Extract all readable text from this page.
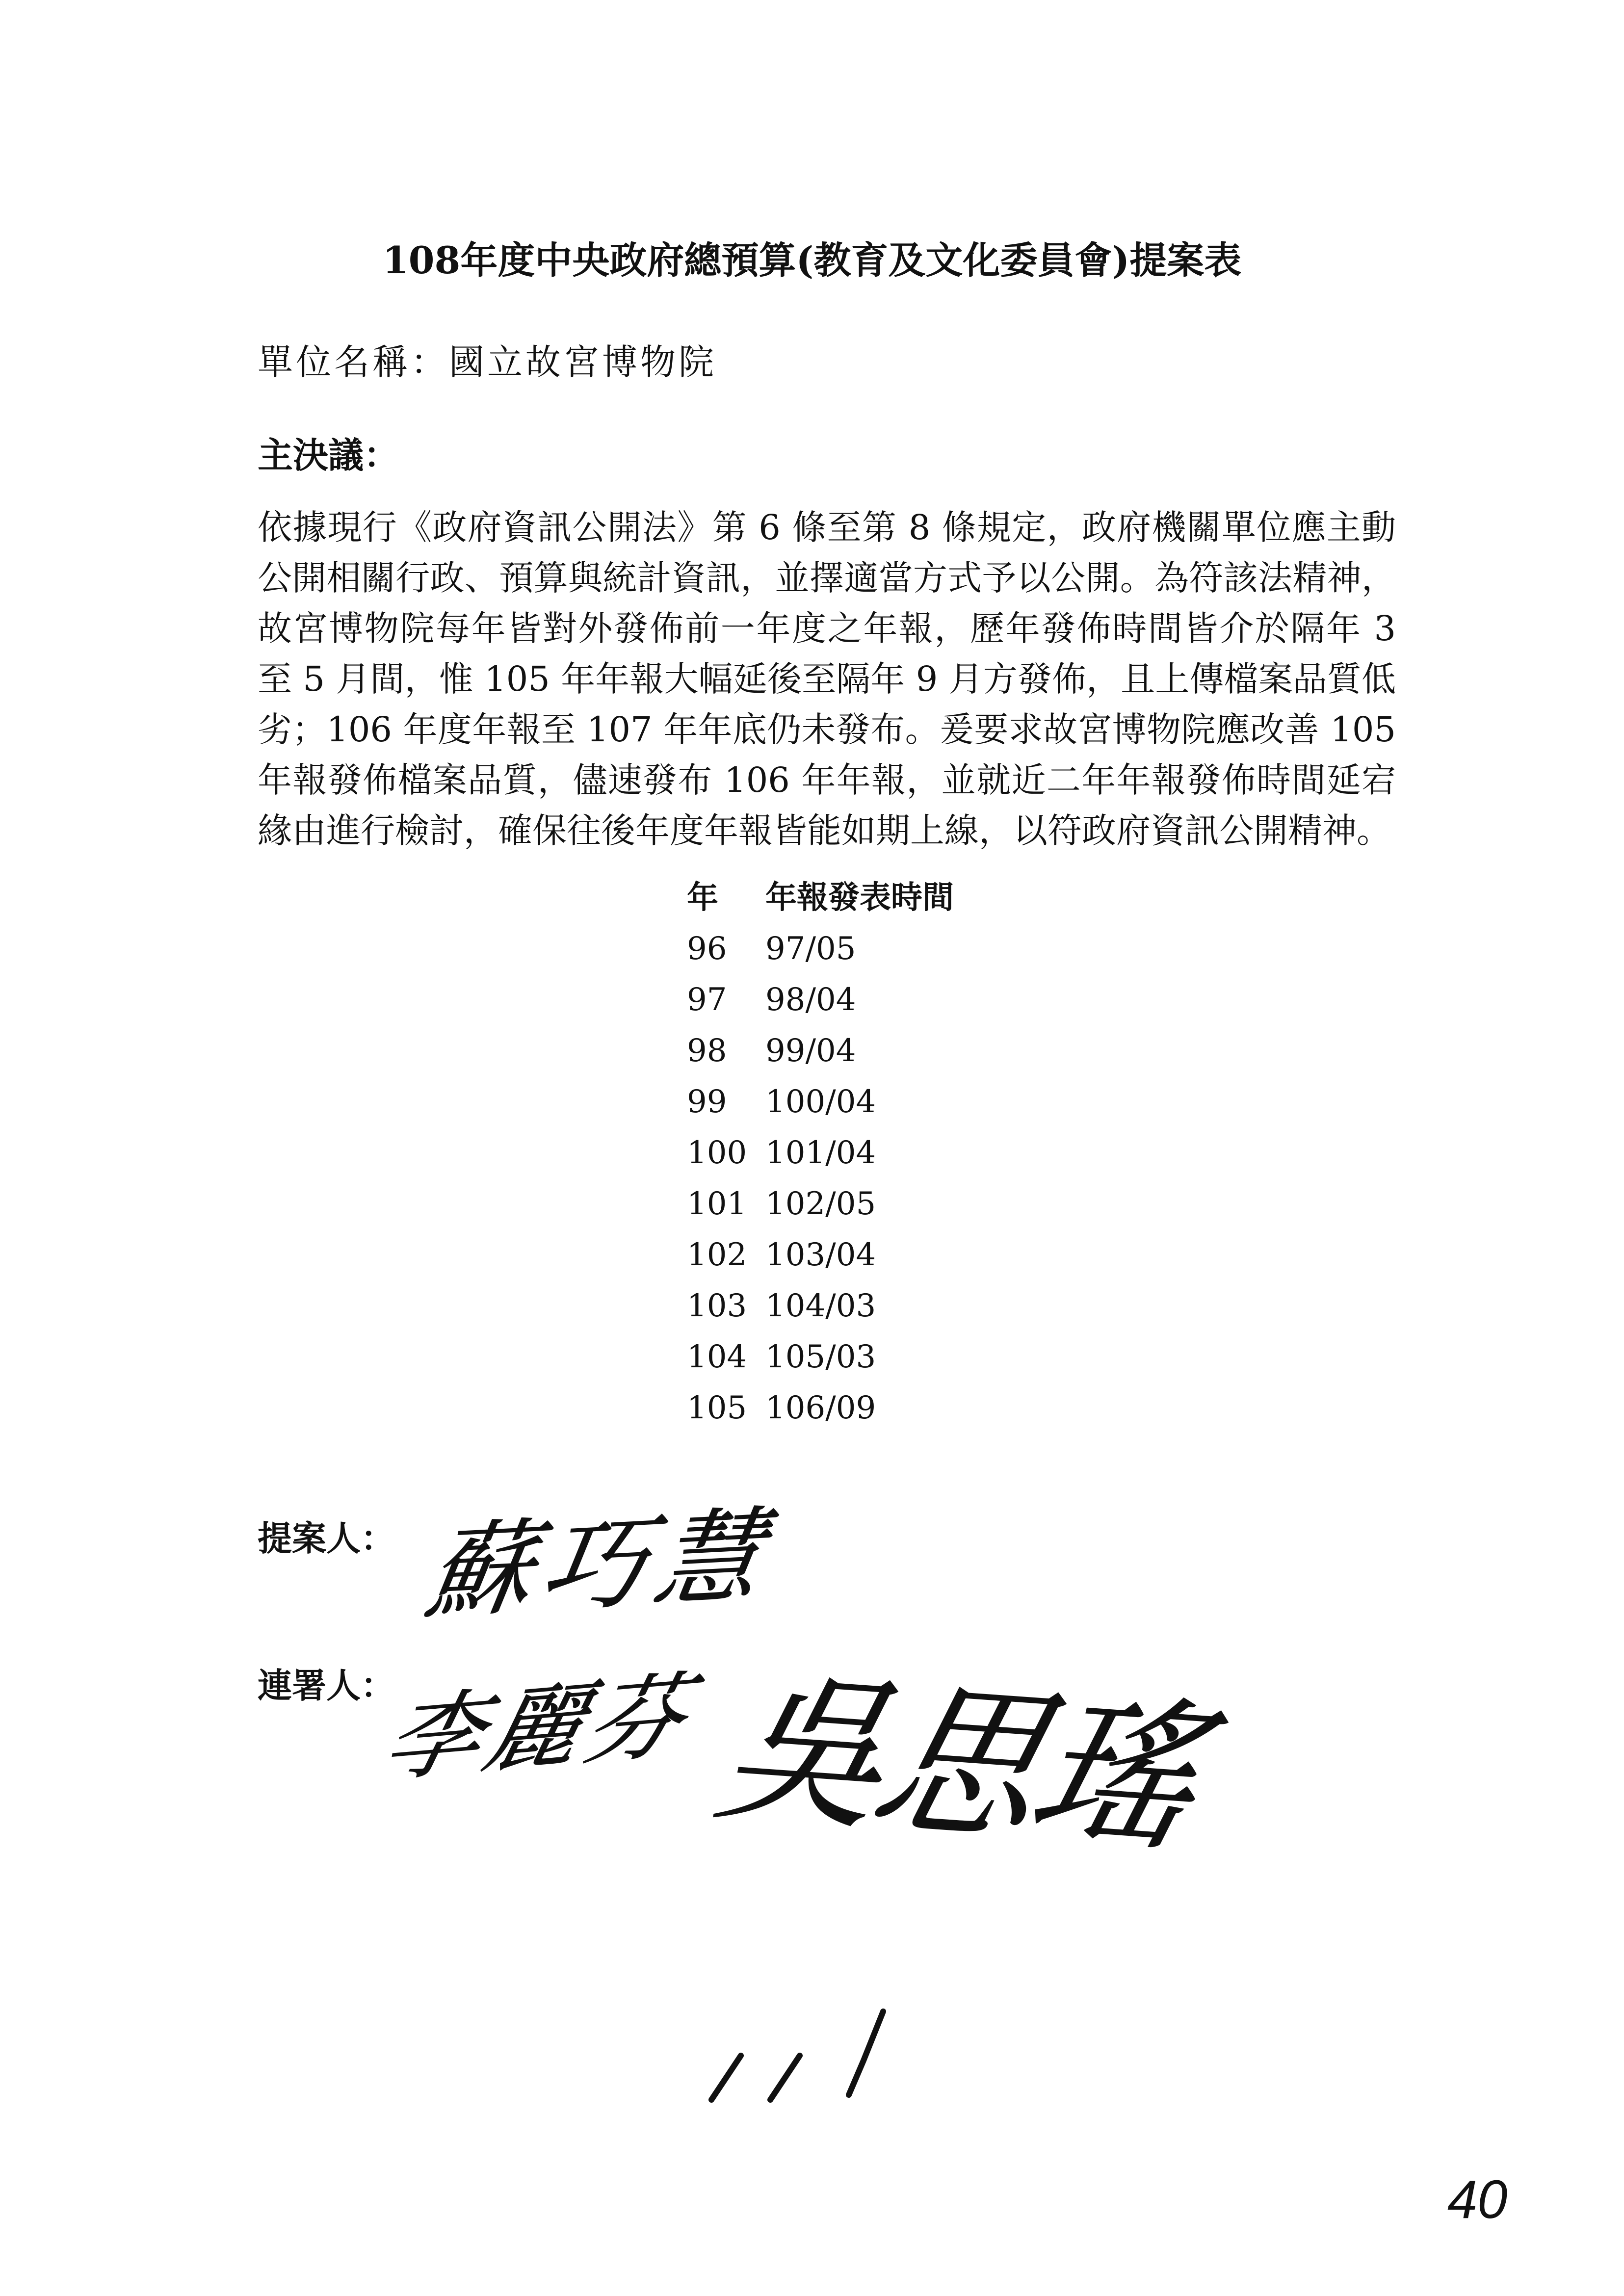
108年度中央政府總預算(教育及文化委員會)提案表
單位名稱：國立故宮博物院
主決議：
依據現行《政府資訊公開法》第 6 條至第 8 條規定，政府機關單位應主動
公開相關行政、預算與統計資訊，並擇適當方式予以公開。為符該法精神，
故宮博物院每年皆對外發佈前一年度之年報，歷年發佈時間皆介於隔年 3
至 5 月間，惟 105 年年報大幅延後至隔年 9 月方發佈，且上傳檔案品質低
劣；106 年度年報至 107 年年底仍未發布。爰要求故宮博物院應改善 105
年報發佈檔案品質，儘速發布 106 年年報，並就近二年年報發佈時間延宕
緣由進行檢討，確保往後年度年報皆能如期上線，以符政府資訊公開精神。
年	年報發表時間
96	97/05
97	98/04
98	99/04
99	100/04
100 101/04
101 102/05
102 103/04
103 104/03
104 105/03
105 106/09
提案人： 蘇巧慧
連署人：
李麗芬 吳思瑤
40
